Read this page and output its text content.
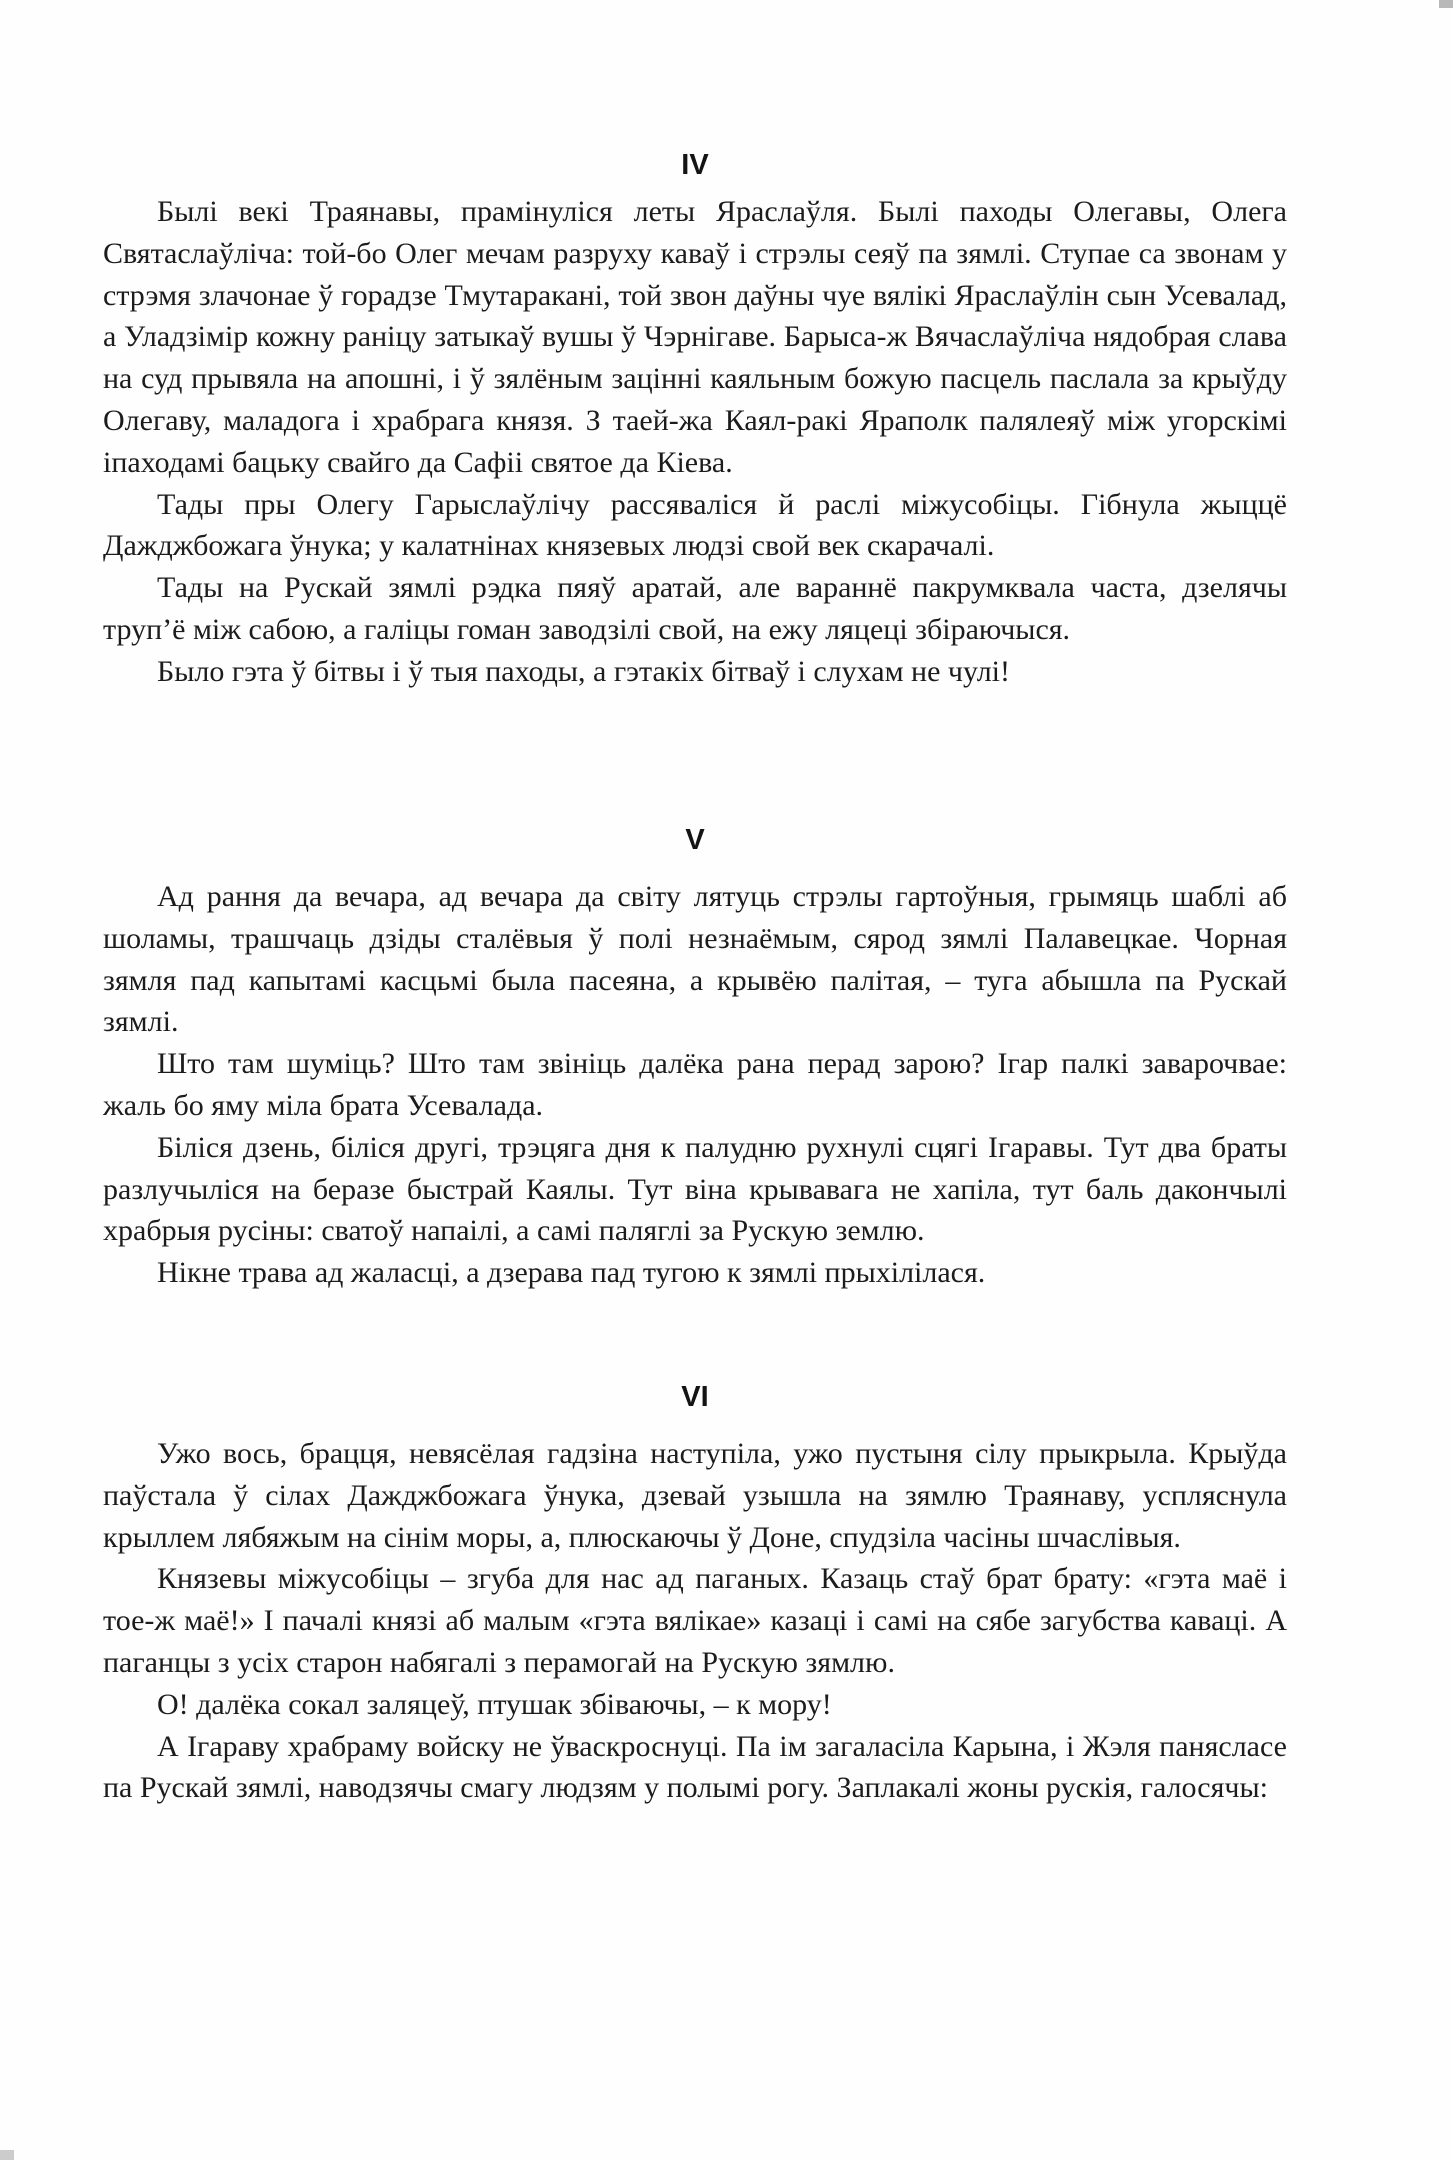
IV

Былі векі Траянавы, прамінуліся леты Яраслаўля. Былі паходы Олегавы, Олега Святаслаўліча: той-бо Олег мечам разруху каваў і стрэлы сеяў па зямлі. Ступае са звонам у стрэмя злачонае ў горадзе Тмутаракані, той звон даўны чуе вялікі Яраслаўлін сын Усевалад, а Уладзімір кожну раніцу затыкаў вушы ў Чэрнігаве. Барыса-ж Вячаслаўліча нядобрая слава на суд прывяла на апошні, і ў зялёным зацінні каяльным божую пасцель паслала за крыўду Олегаву, маладога і храбрага князя. З таей-жа Каял-ракі Яраполк палялеяў між угорскімі іпаходамі бацьку свайго да Сафіі святое да Кіева.

Тады пры Олегу Гарыслаўлічу рассяваліся й раслі міжусобіцы. Гібнула жыццё Дажджбожага ўнука; у калатнінах князевых людзі свой век скарачалі.

Тады на Рускай зямлі рэдка пяяў аратай, але вараннё пакрумквала часта, дзелячы труп’ё між сабою, а галіцы гоман заводзілі свой, на ежу ляцеці збіраючыся.

Было гэта ў бітвы і ў тыя паходы, а гэтакіх бітваў і слухам не чулі!

V

Ад рання да вечара, ад вечара да світу лятуць стрэлы гартоўныя, грымяць шаблі аб шоламы, трашчаць дзіды сталёвыя ў полі незнаёмым, сярод зямлі Палавецкае. Чорная зямля пад капытамі касцьмі была пасеяна, а крывёю палітая, – туга абышла па Рускай зямлі.

Што там шуміць? Што там звініць далёка рана перад зарою? Ігар палкі заварочвае: жаль бо яму міла брата Усевалада.

Біліся дзень, біліся другі, трэцяга дня к палудню рухнулі сцягі Ігаравы. Тут два браты разлучыліся на беразе быстрай Каялы. Тут віна крывавага не хапіла, тут баль дакончылі храбрыя русіны: сватоў напаілі, а самі паляглі за Рускую землю.

Нікне трава ад жаласці, а дзерава пад тугою к зямлі прыхілілася.

VI

Ужо вось, брацця, невясёлая гадзіна наступіла, ужо пустыня сілу прыкрыла. Крыўда паўстала ў сілах Дажджбожага ўнука, дзевай узышла на зямлю Траянаву, успляснула крыллем лябяжым на сінім моры, а, плюскаючы ў Доне, спудзіла часіны шчаслівыя.

Князевы міжусобіцы – згуба для нас ад паганых. Казаць стаў брат брату: «гэта маё і тое-ж маё!» І пачалі князі аб малым «гэта вялікае» казаці і самі на сябе загубства каваці. А паганцы з усіх старон набягалі з перамогай на Рускую зямлю.

О! далёка сокал заляцеў, птушак збіваючы, – к мору!

А Ігараву храбраму войску не ўваскроснуці. Па ім загаласіла Карына, і Жэля панясласе па Рускай зямлі, наводзячы смагу людзям у полымі рогу. Заплакалі жоны рускія, галосячы:
